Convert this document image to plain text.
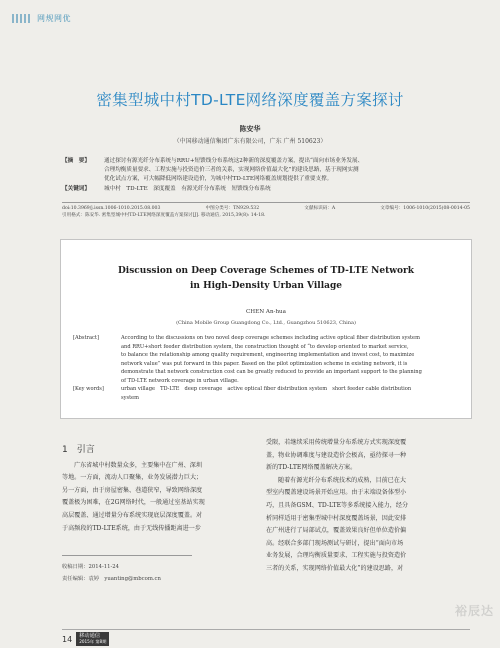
网规网优
密集型城中村TD-LTE网络深度覆盖方案探讨
陈安华
（中国移动通信集团广东有限公司，广东 广州 510623）
【摘　要】	通过探讨有源光纤分布系统与RRU+短馈线分布系统这2种新的深度覆盖方案，提出“面向市场业务发展、
合理均衡质量要求、工程实施与投资造价三者的关系，实现网络价值最大化”的建设思路，基于现网实测
优化试点方案，可大幅降低网络建设造价，为城中村TD-LTE网络覆盖规划提供了重要支撑。
【关键词】	城中村　TD-LTE　深度覆盖　有源光纤分布系统　短馈线分布系统
doi:10.3969/j.issn.1006-1010.2015.08.003	中图分类号：TN929.532	文献标识码：A	文章编号：1006-1010(2015)08-0014-05
引用格式：陈安华. 密集型城中村TD-LTE网络深度覆盖方案探讨[J]. 移动通信, 2015,39(8): 14-18.
Discussion on Deep Coverage Schemes of TD-LTE Network
in High-Density Urban Village
CHEN An-hua
(China Mobile Group Guangdong Co., Ltd., Guangzhou 510623, China)
[Abstract]	According to the discussions on two novel deep coverage schemes including active optical fiber distribution system
and RRU+short feeder distribution system, the construction thought of “to develop oriented to market service,
to balance the relationship among quality requirement, engineering implementation and invest cost, to maximize
network value” was put forward in this paper. Based on the pilot optimization scheme in existing network, it is
demonstrate that network construction cost can be greatly reduced to provide an important support to the planning
of TD-LTE network coverage in urban village.
[Key words]	urban village　TD-LTE　deep coverage　active optical fiber distribution system　short feeder cable distribution
system
1 引言
广东省城中村数量众多，主要集中在广州、深圳
等地。一方面，流动人口聚集，业务发展潜力巨大；
另一方面，由于房屋密集、巷道狭窄，导致网络深度
覆盖极为困难，在2G网络时代，一般通过室基站实现
高层覆盖、通过增量分布系统实现底层深度覆盖。对
于高频段的TD-LTE系统，由于无线传播距离进一步
受限，若继续采用传统增量分布系统方式实现深度覆
盖，物业协调难度与建设造价会极高，亟待探寻一种
新的TD-LTE网络覆盖解决方案。
随着有源光纤分布系统技术的成熟，目前已在大
型室内覆盖建设场景开始应用。由于末端设备体型小
巧，且具备GSM、TD-LTE等多系统接入能力，经分
析同样适用于密集型城中村深度覆盖场景，因此安排
在广州进行了局部试点，覆盖效果良好但单位造价偏
高。经联合多部门现场测试与研讨，提出“面向市场
业务发展，合理均衡质量要求、工程实施与投资造价
三者的关系，实现网络价值最大化”的建设思路，对
收稿日期：2014-11-24
责任编辑：袁婷　yuanting@mbcom.cn
14 移动通信
2015年 第8期
裕辰达
